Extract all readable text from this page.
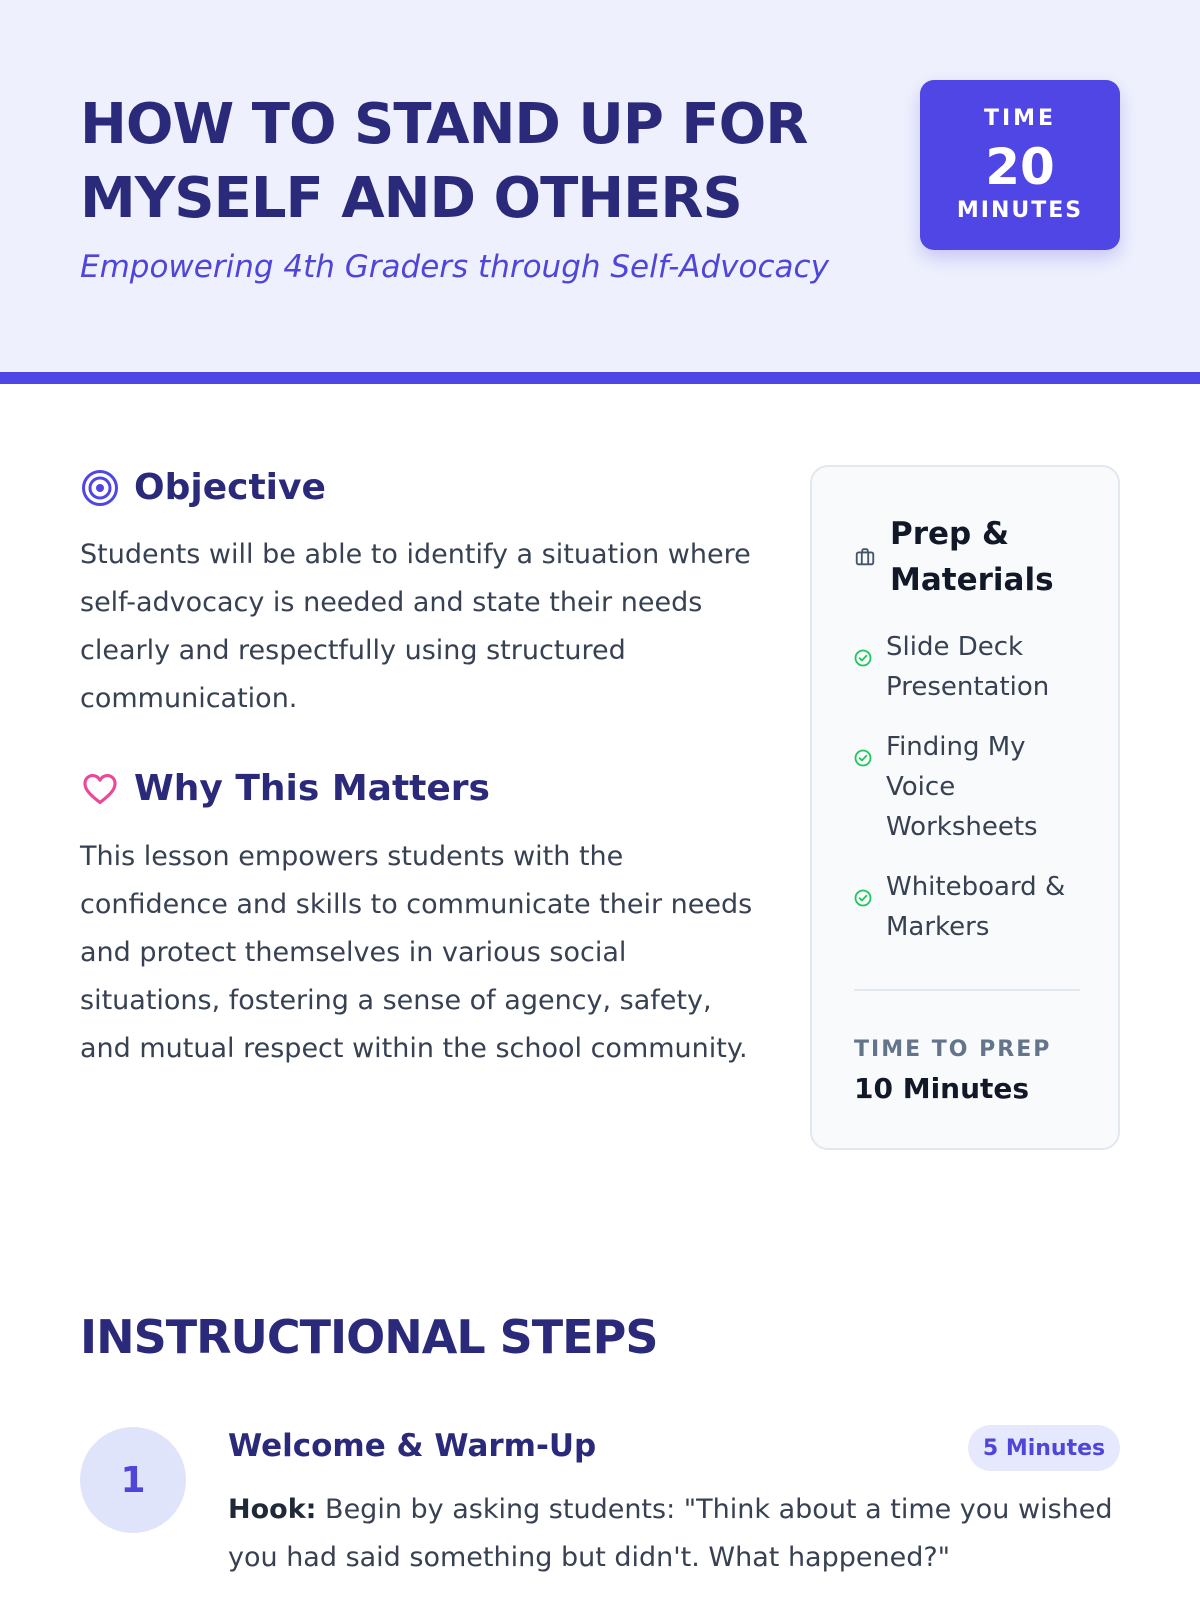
HOW TO STAND UP FOR MYSELF AND OTHERS

Empowering 4th Graders through Self-Advocacy

TIME
20
MINUTES
Objective

Students will be able to identify a situation where self-advocacy is needed and state their needs clearly and respectfully using structured communication.

Why This Matters

This lesson empowers students with the confidence and skills to communicate their needs and protect themselves in various social situations, fostering a sense of agency, safety, and mutual respect within the school community.

Prep & Materials
Slide Deck Presentation
Finding My Voice Worksheets
Whiteboard & Markers
TIME TO PREP
10 Minutes
INSTRUCTIONAL STEPS
1
Welcome & Warm-Up	5 Minutes

Hook: Begin by asking students: "Think about a time you wished you had said something but didn't. What happened?"
